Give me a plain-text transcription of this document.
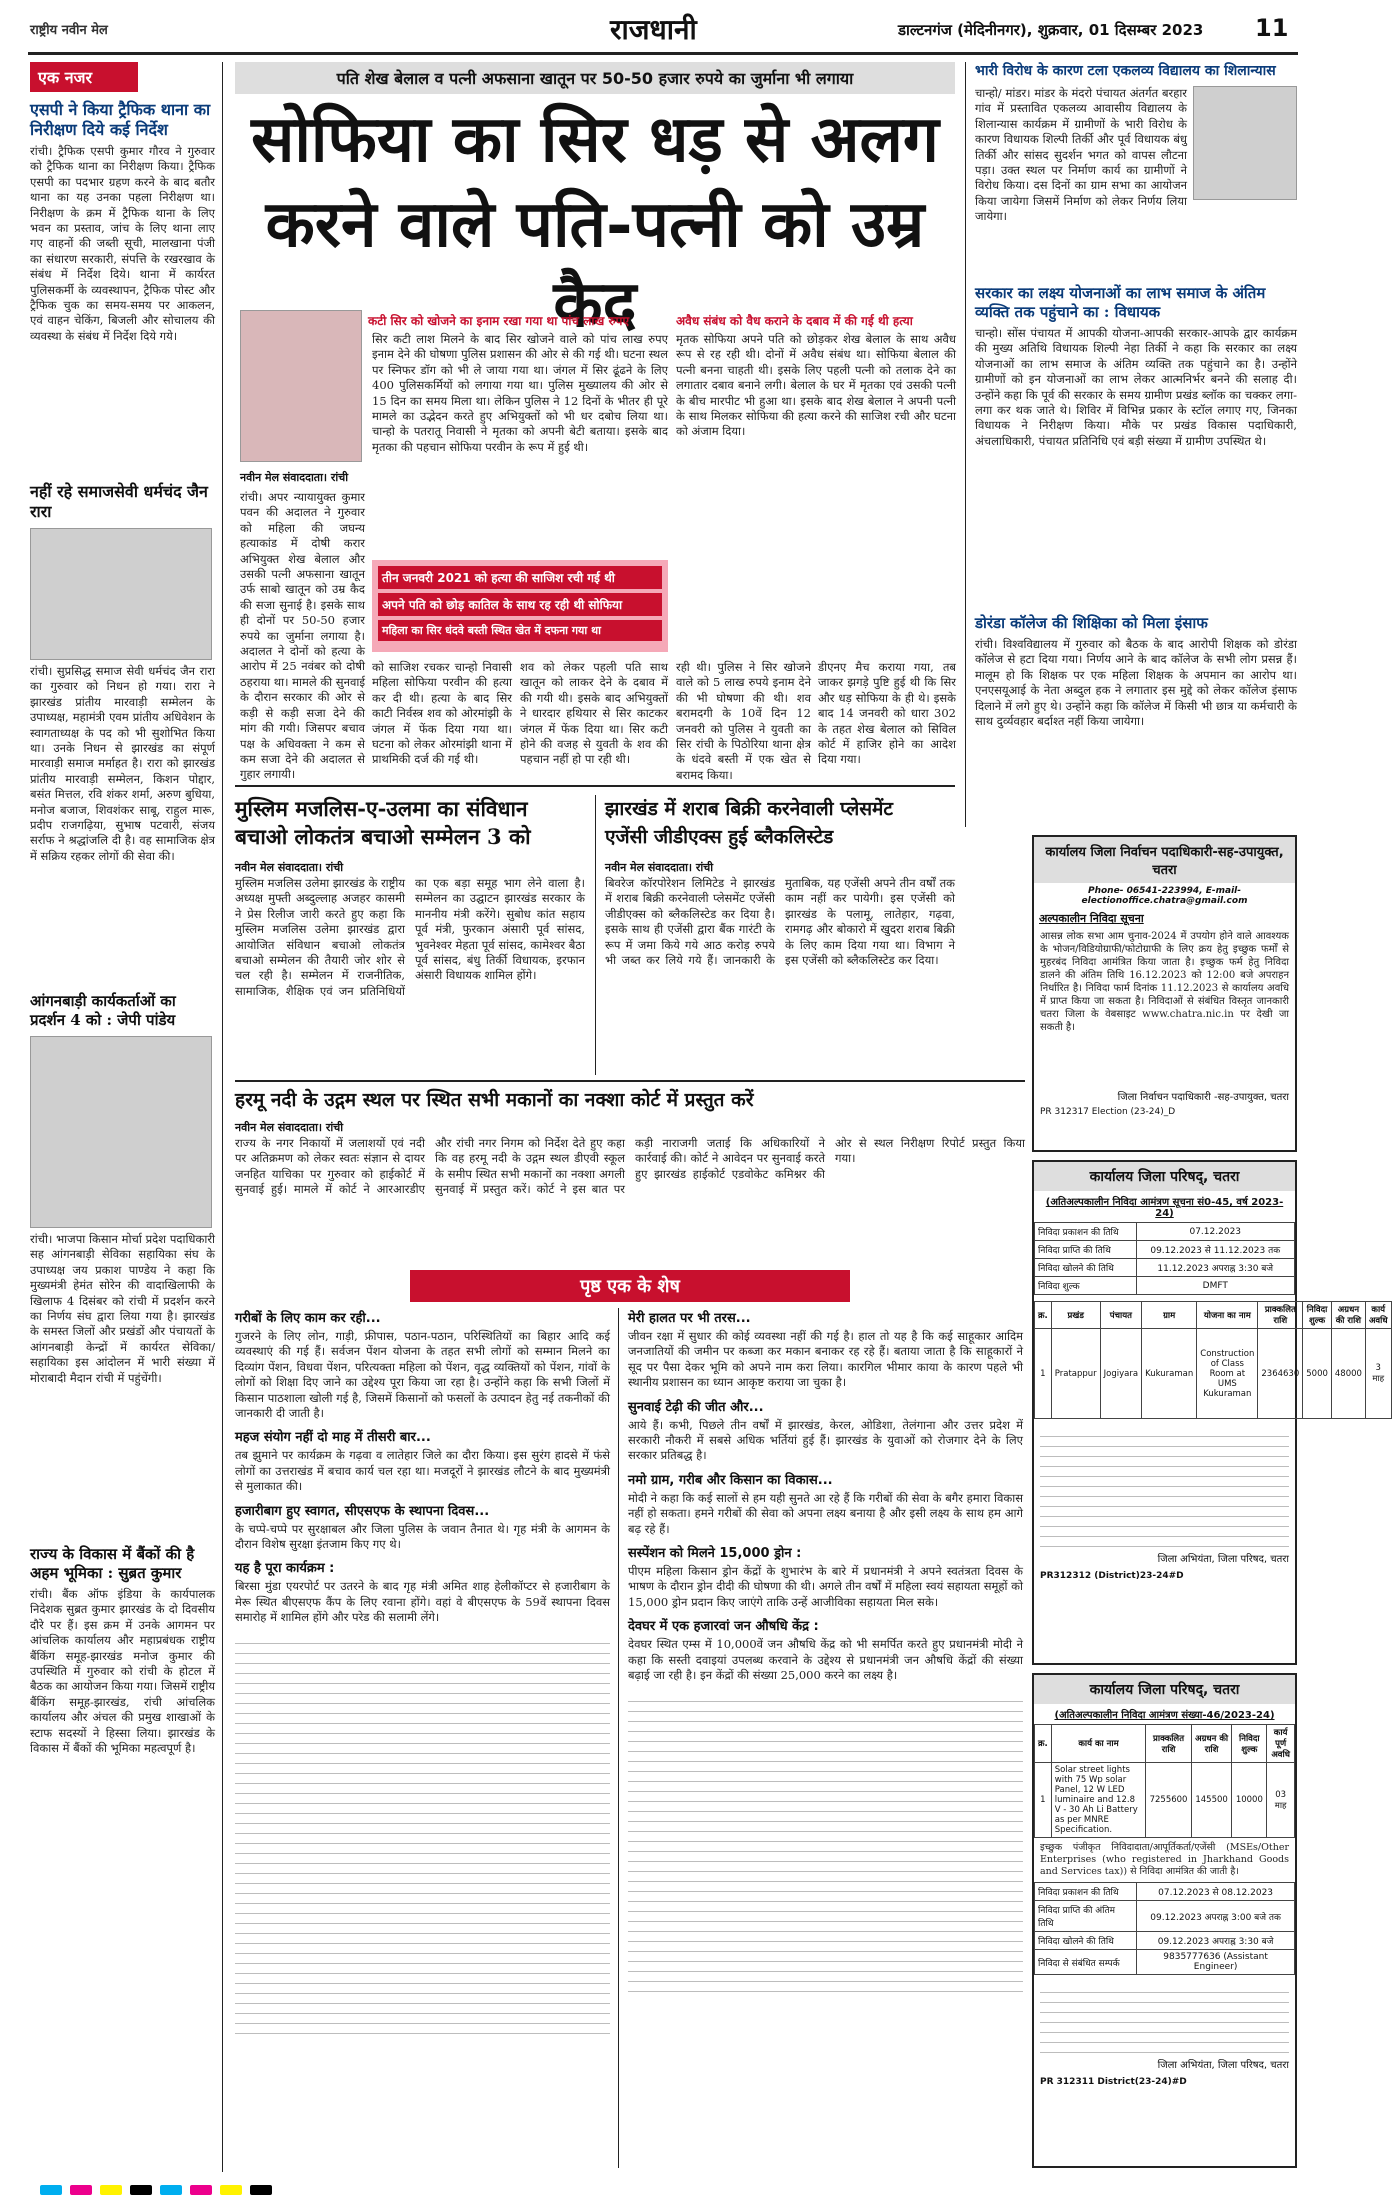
राष्ट्रीय नवीन मेल	राजधानी	डाल्टनगंज (मेदिनीनगर), शुक्रवार, 01 दिसम्बर 2023 11
एक नजर
एसपी ने किया ट्रैफिक थाना का निरीक्षण दिये कई निर्देश
रांची। ट्रैफिक एसपी कुमार गौरव ने गुरुवार को ट्रैफिक थाना का निरीक्षण किया। ट्रैफिक एसपी का पदभार ग्रहण करने के बाद बतौर थाना का यह उनका पहला निरीक्षण था। निरीक्षण के क्रम में ट्रैफिक थाना के लिए भवन का प्रस्ताव, जांच के लिए थाना लाए गए वाहनों की जब्ती सूची, मालखाना पंजी का संधारण सरकारी, संपत्ति के रखरखाव के संबंध में निर्देश दिये। थाना में कार्यरत पुलिसकर्मी के व्यवस्थापन, ट्रैफिक पोस्ट और ट्रैफिक चुक का समय-समय पर आकलन, एवं वाहन चेकिंग, बिजली और सोचालय की व्यवस्था के संबंध में निर्देश दिये गये।
नहीं रहे समाजसेवी धर्मचंद जैन रारा
रांची। सुप्रसिद्ध समाज सेवी धर्मचंद जैन रारा का गुरुवार को निधन हो गया। रारा ने झारखंड प्रांतीय मारवाड़ी सम्मेलन के उपाध्यक्ष, महामंत्री एवम प्रांतीय अधिवेशन के स्वागताध्यक्ष के पद को भी सुशोभित किया था। उनके निधन से झारखंड का संपूर्ण मारवाड़ी समाज मर्माहत है। रारा को झारखंड प्रांतीय मारवाड़ी सम्मेलन, किशन पोद्दार, बसंत मित्तल, रवि शंकर शर्मा, अरुण बुधिया, मनोज बजाज, शिवशंकर साबू, राहुल मारू, प्रदीप राजगढ़िया, सुभाष पटवारी, संजय सर्राफ ने श्रद्धांजलि दी है। वह सामाजिक क्षेत्र में सक्रिय रहकर लोगों की सेवा की।
आंगनबाड़ी कार्यकर्ताओं का प्रदर्शन 4 को : जेपी पांडेय
रांची। भाजपा किसान मोर्चा प्रदेश पदाधिकारी सह आंगनबाड़ी सेविका सहायिका संघ के उपाध्यक्ष जय प्रकाश पाण्डेय ने कहा कि मुख्यमंत्री हेमंत सोरेन की वादाखिलाफी के खिलाफ 4 दिसंबर को रांची में प्रदर्शन करने का निर्णय संघ द्वारा लिया गया है। झारखंड के समस्त जिलों और प्रखंडों और पंचायतों के आंगनबाड़ी केन्द्रों में कार्यरत सेविका/सहायिका इस आंदोलन में भारी संख्या में मोराबादी मैदान रांची में पहुंचेंगी।
राज्य के विकास में बैंकों की है अहम भूमिका : सुब्रत कुमार
रांची। बैंक ऑफ इंडिया के कार्यपालक निदेशक सुब्रत कुमार झारखंड के दो दिवसीय दौरे पर हैं। इस क्रम में उनके आगमन पर आंचलिक कार्यालय और महाप्रबंधक राष्ट्रीय बैंकिंग समूह-झारखंड मनोज कुमार की उपस्थिति में गुरुवार को रांची के होटल में बैठक का आयोजन किया गया। जिसमें राष्ट्रीय बैंकिंग समूह-झारखंड, रांची आंचलिक कार्यालय और अंचल की प्रमुख शाखाओं के स्टाफ सदस्यों ने हिस्सा लिया। झारखंड के विकास में बैंकों की भूमिका महत्वपूर्ण है।
पति शेख बेलाल व पत्नी अफसाना खातून पर 50-50 हजार रुपये का जुर्माना भी लगाया
सोफिया का सिर धड़ से अलग
करने वाले पति-पत्नी को उम्र कैद
कटी सिर को खोजने का इनाम रखा गया था पांच लाख रुपए	अवैध संबंध को वैध कराने के दबाव में की गई थी हत्या
नवीन मेल संवाददाता। रांची
रांची। अपर न्यायायुक्त कुमार पवन की अदालत ने गुरुवार को महिला की जघन्य हत्याकांड में दोषी करार अभियुक्त शेख बेलाल और उसकी पत्नी अफसाना खातून उर्फ साबो खातून को उम्र कैद की सजा सुनाई है। इसके साथ ही दोनों पर 50-50 हजार रुपये का जुर्माना लगाया है। अदालत ने दोनों को हत्या के आरोप में 25 नवंबर को दोषी ठहराया था। मामले की सुनवाई के दौरान सरकार की ओर से कड़ी से कड़ी सजा देने की मांग की गयी। जिसपर बचाव पक्ष के अधिवक्ता ने कम से कम सजा देने की अदालत से गुहार लगायी।
सिर कटी लाश मिलने के बाद सिर खोजने वाले को पांच लाख रुपए इनाम देने की घोषणा पुलिस प्रशासन की ओर से की गई थी। घटना स्थल पर स्निफर डॉग को भी ले जाया गया था। जंगल में सिर ढूंढने के लिए 400 पुलिसकर्मियों को लगाया गया था। पुलिस मुख्यालय की ओर से 15 दिन का समय मिला था। लेकिन पुलिस ने 12 दिनों के भीतर ही पूरे मामले का उद्भेदन करते हुए अभियुक्तों को भी धर दबोच लिया था। चान्हो के पतरातू निवासी ने मृतका को अपनी बेटी बताया। इसके बाद मृतका की पहचान सोफिया परवीन के रूप में हुई थी।
मृतक सोफिया अपने पति को छोड़कर शेख बेलाल के साथ अवैध रूप से रह रही थी। दोनों में अवैध संबंध था। सोफिया बेलाल की पत्नी बनना चाहती थी। इसके लिए पहली पत्नी को तलाक देने का लगातार दबाव बनाने लगी। बेलाल के घर में मृतका एवं उसकी पत्नी के बीच मारपीट भी हुआ था। इसके बाद शेख बेलाल ने अपनी पत्नी के साथ मिलकर सोफिया की हत्या करने की साजिश रची और घटना को अंजाम दिया।
तीन जनवरी 2021 को हत्या की साजिश रची गई थी
अपने पति को छोड़ कातिल के साथ रह रही थी सोफिया
महिला का सिर धंदवे बस्ती स्थित खेत में दफना गया था
को साजिश रचकर चान्हो निवासी महिला सोफिया परवीन की हत्या कर दी थी। हत्या के बाद सिर काटी निर्वस्त्र शव को ओरमांझी के जंगल में फेंक दिया गया था। घटना को लेकर ओरमांझी थाना में प्राथमिकी दर्ज की गई थी।
शव को लेकर पहली पति साथ खातून को लाकर देने के दबाव में की गयी थी। इसके बाद अभियुक्तों ने धारदार हथियार से सिर काटकर जंगल में फेंक दिया था। सिर कटी होने की वजह से युवती के शव की पहचान नहीं हो पा रही थी।
रही थी। पुलिस ने सिर खोजने वाले को 5 लाख रुपये इनाम देने की भी घोषणा की थी। शव बरामदगी के 10वें दिन 12 जनवरी को पुलिस ने युवती का सिर रांची के पिठोरिया थाना क्षेत्र के धंदवे बस्ती में एक खेत से बरामद किया।
डीएनए मैच कराया गया, तब जाकर झगड़े पुष्टि हुई थी कि सिर और धड़ सोफिया के ही थे। इसके बाद 14 जनवरी को धारा 302 के तहत शेख बेलाल को सिविल कोर्ट में हाजिर होने का आदेश दिया गया।
भारी विरोध के कारण टला एकलव्य विद्यालय का शिलान्यास
चान्हो/ मांडर। मांडर के मंदरो पंचायत अंतर्गत बरहार गांव में प्रस्तावित एकलव्य आवासीय विद्यालय के शिलान्यास कार्यक्रम में ग्रामीणों के भारी विरोध के कारण विधायक शिल्पी तिर्की और पूर्व विधायक बंधु तिर्की और सांसद सुदर्शन भगत को वापस लौटना पड़ा। उक्त स्थल पर निर्माण कार्य का ग्रामीणों ने विरोध किया। दस दिनों का ग्राम सभा का आयोजन किया जायेगा जिसमें निर्माण को लेकर निर्णय लिया जायेगा।
सरकार का लक्ष्य योजनाओं का लाभ समाज के अंतिम व्यक्ति तक पहुंचाने का : विधायक
चान्हो। सोंस पंचायत में आपकी योजना-आपकी सरकार-आपके द्वार कार्यक्रम की मुख्य अतिथि विधायक शिल्पी नेहा तिर्की ने कहा कि सरकार का लक्ष्य योजनाओं का लाभ समाज के अंतिम व्यक्ति तक पहुंचाने का है। उन्होंने ग्रामीणों को इन योजनाओं का लाभ लेकर आत्मनिर्भर बनने की सलाह दी। उन्होंने कहा कि पूर्व की सरकार के समय ग्रामीण प्रखंड ब्लॉक का चक्कर लगा-लगा कर थक जाते थे। शिविर में विभिन्न प्रकार के स्टॉल लगाए गए, जिनका विधायक ने निरीक्षण किया। मौके पर प्रखंड विकास पदाधिकारी, अंचलाधिकारी, पंचायत प्रतिनिधि एवं बड़ी संख्या में ग्रामीण उपस्थित थे।
डोरंडा कॉलेज की शिक्षिका को मिला इंसाफ
रांची। विश्वविद्यालय में गुरुवार को बैठक के बाद आरोपी शिक्षक को डोरंडा कॉलेज से हटा दिया गया। निर्णय आने के बाद कॉलेज के सभी लोग प्रसन्न हैं। मालूम हो कि शिक्षक पर एक महिला शिक्षक के अपमान का आरोप था। एनएसयूआई के नेता अब्दुल हक ने लगातार इस मुद्दे को लेकर कॉलेज इंसाफ दिलाने में लगे हुए थे। उन्होंने कहा कि कॉलेज में किसी भी छात्र या कर्मचारी के साथ दुर्व्यवहार बर्दाश्त नहीं किया जायेगा।
मुस्लिम मजलिस-ए-उलमा का संविधान
बचाओ लोकतंत्र बचाओ सम्मेलन 3 को
नवीन मेल संवाददाता। रांची
मुस्लिम मजलिस उलेमा झारखंड के राष्ट्रीय अध्यक्ष मुफ्ती अब्दुल्लाह अजहर कासमी ने प्रेस रिलीज जारी करते हुए कहा कि मुस्लिम मजलिस उलेमा झारखंड द्वारा आयोजित संविधान बचाओ लोकतंत्र बचाओ सम्मेलन की तैयारी जोर शोर से चल रही है। सम्मेलन में राजनीतिक, सामाजिक, शैक्षिक एवं जन प्रतिनिधियों का एक बड़ा समूह भाग लेने वाला है। सम्मेलन का उद्घाटन झारखंड सरकार के माननीय मंत्री करेंगे। सुबोध कांत सहाय पूर्व मंत्री, फुरकान अंसारी पूर्व सांसद, भुवनेश्वर मेहता पूर्व सांसद, कामेश्वर बैठा पूर्व सांसद, बंधु तिर्की विधायक, इरफान अंसारी विधायक शामिल होंगे।
झारखंड में शराब बिक्री करनेवाली प्लेसमेंट
एजेंसी जीडीएक्स हुई ब्लैकलिस्टेड
नवीन मेल संवाददाता। रांची
बिवरेज कॉरपोरेशन लिमिटेड ने झारखंड में शराब बिक्री करनेवाली प्लेसमेंट एजेंसी जीडीएक्स को ब्लैकलिस्टेड कर दिया है। इसके साथ ही एजेंसी द्वारा बैंक गारंटी के रूप में जमा किये गये आठ करोड़ रुपये भी जब्त कर लिये गये हैं। जानकारी के मुताबिक, यह एजेंसी अपने तीन वर्षों तक काम नहीं कर पायेगी। इस एजेंसी को झारखंड के पलामू, लातेहार, गढ़वा, रामगढ़ और बोकारो में खुदरा शराब बिक्री के लिए काम दिया गया था। विभाग ने इस एजेंसी को ब्लैकलिस्टेड कर दिया।
हरमू नदी के उद्गम स्थल पर स्थित सभी मकानों का नक्शा कोर्ट में प्रस्तुत करें
नवीन मेल संवाददाता। रांची
राज्य के नगर निकायों में जलाशयों एवं नदी पर अतिक्रमण को लेकर स्वतः संज्ञान से दायर जनहित याचिका पर गुरुवार को हाईकोर्ट में सुनवाई हुई। मामले में कोर्ट ने आरआरडीए और रांची नगर निगम को निर्देश देते हुए कहा कि वह हरमू नदी के उद्गम स्थल डीएवी स्कूल के समीप स्थित सभी मकानों का नक्शा अगली सुनवाई में प्रस्तुत करें। कोर्ट ने इस बात पर कड़ी नाराजगी जताई कि अधिकारियों ने कार्रवाई की। कोर्ट ने आवेदन पर सुनवाई करते हुए झारखंड हाईकोर्ट एडवोकेट कमिश्नर की ओर से स्थल निरीक्षण रिपोर्ट प्रस्तुत किया गया।
पृष्ठ एक के शेष
गरीबों के लिए काम कर रही...
गुजरने के लिए लोन, गाड़ी, फ्रीपास, पठान-पठान, परिस्थितियों का बिहार आदि कई व्यवस्थाएं की गई हैं। सर्वजन पेंशन योजना के तहत सभी लोगों को सम्मान मिलने का दिव्यांग पेंशन, विधवा पेंशन, परित्यक्ता महिला को पेंशन, वृद्ध व्यक्तियों को पेंशन, गांवों के लोगों को शिक्षा दिए जाने का उद्देश्य पूरा किया जा रहा है। उन्होंने कहा कि सभी जिलों में किसान पाठशाला खोली गई है, जिसमें किसानों को फसलों के उत्पादन हेतु नई तकनीकों की जानकारी दी जाती है।
महज संयोग नहीं दो माह में तीसरी बार...
तब झुमाने पर कार्यक्रम के गढ़वा व लातेहार जिले का दौरा किया। इस सुरंग हादसे में फंसे लोगों का उत्तराखंड में बचाव कार्य चल रहा था। मजदूरों ने झारखंड लौटने के बाद मुख्यमंत्री से मुलाकात की।
हजारीबाग हुए स्वागत, सीएसएफ के स्थापना दिवस...
के चप्पे-चप्पे पर सुरक्षाबल और जिला पुलिस के जवान तैनात थे। गृह मंत्री के आगमन के दौरान विशेष सुरक्षा इंतजाम किए गए थे।
यह है पूरा कार्यक्रम :
बिरसा मुंडा एयरपोर्ट पर उतरने के बाद गृह मंत्री अमित शाह हेलीकॉप्टर से हजारीबाग के मेरू स्थित बीएसएफ कैंप के लिए रवाना होंगे। वहां वे बीएसएफ के 59वें स्थापना दिवस समारोह में शामिल होंगे और परेड की सलामी लेंगे।
मेरी हालत पर भी तरस...
जीवन रक्षा में सुधार की कोई व्यवस्था नहीं की गई है। हाल तो यह है कि कई साहूकार आदिम जनजातियों की जमीन पर कब्जा कर मकान बनाकर रह रहे हैं। बताया जाता है कि साहूकारों ने सूद पर पैसा देकर भूमि को अपने नाम करा लिया। कारगिल भीमार काया के कारण पहले भी स्थानीय प्रशासन का ध्यान आकृष्ट कराया जा चुका है।
सुनवाई टेढ़ी की जीत और...
आये हैं। कभी, पिछले तीन वर्षों में झारखंड, केरल, ओडिशा, तेलंगाना और उत्तर प्रदेश में सरकारी नौकरी में सबसे अधिक भर्तियां हुई हैं। झारखंड के युवाओं को रोजगार देने के लिए सरकार प्रतिबद्ध है।
नमो ग्राम, गरीब और किसान का विकास...
मोदी ने कहा कि कई सालों से हम यही सुनते आ रहे हैं कि गरीबों की सेवा के बगैर हमारा विकास नहीं हो सकता। हमने गरीबों की सेवा को अपना लक्ष्य बनाया है और इसी लक्ष्य के साथ हम आगे बढ़ रहे हैं।
सस्पेंशन को मिलने 15,000 ड्रोन :
पीएम महिला किसान ड्रोन केंद्रों के शुभारंभ के बारे में प्रधानमंत्री ने अपने स्वतंत्रता दिवस के भाषण के दौरान ड्रोन दीदी की घोषणा की थी। अगले तीन वर्षों में महिला स्वयं सहायता समूहों को 15,000 ड्रोन प्रदान किए जाएंगे ताकि उन्हें आजीविका सहायता मिल सके।
देवघर में एक हजारवां जन औषधि केंद्र :
देवघर स्थित एम्स में 10,000वें जन औषधि केंद्र को भी समर्पित करते हुए प्रधानमंत्री मोदी ने कहा कि सस्ती दवाइयां उपलब्ध करवाने के उद्देश्य से प्रधानमंत्री जन औषधि केंद्रों की संख्या बढ़ाई जा रही है। इन केंद्रों की संख्या 25,000 करने का लक्ष्य है।
कार्यालय जिला निर्वाचन पदाधिकारी-सह-उपायुक्त, चतरा
Phone- 06541-223994, E-mail-electionoffice.chatra@gmail.com
अल्पकालीन निविदा सूचना
आसन्न लोक सभा आम चुनाव-2024 में उपयोग होने वाले आवश्यक के भोजन/विडियोग्राफी/फोटोग्राफी के लिए क्रय हेतु इच्छुक फर्मों से मुहरबंद निविदा आमंत्रित किया जाता है। इच्छुक फर्म हेतु निविदा डालने की अंतिम तिथि 16.12.2023 को 12:00 बजे अपराहन निर्धारित है। निविदा फार्म दिनांक 11.12.2023 से कार्यालय अवधि में प्राप्त किया जा सकता है। निविदाओं से संबंधित विस्तृत जानकारी चतरा जिला के वेबसाइट www.chatra.nic.in पर देखी जा सकती है।
जिला निर्वाचन पदाधिकारी -सह-उपायुक्त, चतरा
PR 312317 Election (23-24)_D
कार्यालय जिला परिषद्, चतरा
(अतिअल्पकालीन निविदा आमंत्रण सूचना सं0-45, वर्ष 2023-24)
निविदा प्रकाशन की तिथि	07.12.2023
निविदा प्राप्ति की तिथि	09.12.2023 से 11.12.2023 तक
निविदा खोलने की तिथि	11.12.2023 अपराह्न 3:30 बजे
निविदा शुल्क	DMFT
क्र.	प्रखंड	पंचायत	ग्राम	योजना का नाम	प्राक्कलित राशि	निविदा शुल्क	अग्रधन की राशि	कार्य अवधि
1	Pratappur	Jogiyara	Kukuraman	Construction of Class Room at UMS Kukuraman	2364630	5000	48000	3 माह
जिला अभियंता, जिला परिषद, चतरा
PR312312 (District)23-24#D
कार्यालय जिला परिषद्, चतरा
(अतिअल्पकालीन निविदा आमंत्रण संख्या-46/2023-24)
क्र.	कार्य का नाम	प्राक्कलित राशि	अग्रधन की राशि	निविदा शुल्क	कार्य पूर्ण अवधि
1	Solar street lights with 75 Wp solar Panel, 12 W LED luminaire and 12.8 V - 30 Ah Li Battery as per MNRE Specification.	7255600	145500	10000	03 माह
इच्छुक पंजीकृत निविदादाता/आपूर्तिकर्ता/एजेंसी (MSEs/Other Enterprises (who registered in Jharkhand Goods and Services tax)) से निविदा आमंत्रित की जाती है।
निविदा प्रकाशन की तिथि	07.12.2023 से 08.12.2023
निविदा प्राप्ति की अंतिम तिथि	09.12.2023 अपराह्न 3:00 बजे तक
निविदा खोलने की तिथि	09.12.2023 अपराह्न 3:30 बजे
निविदा से संबंधित सम्पर्क	9835777636 (Assistant Engineer)
जिला अभियंता, जिला परिषद, चतरा
PR 312311 District(23-24)#D
